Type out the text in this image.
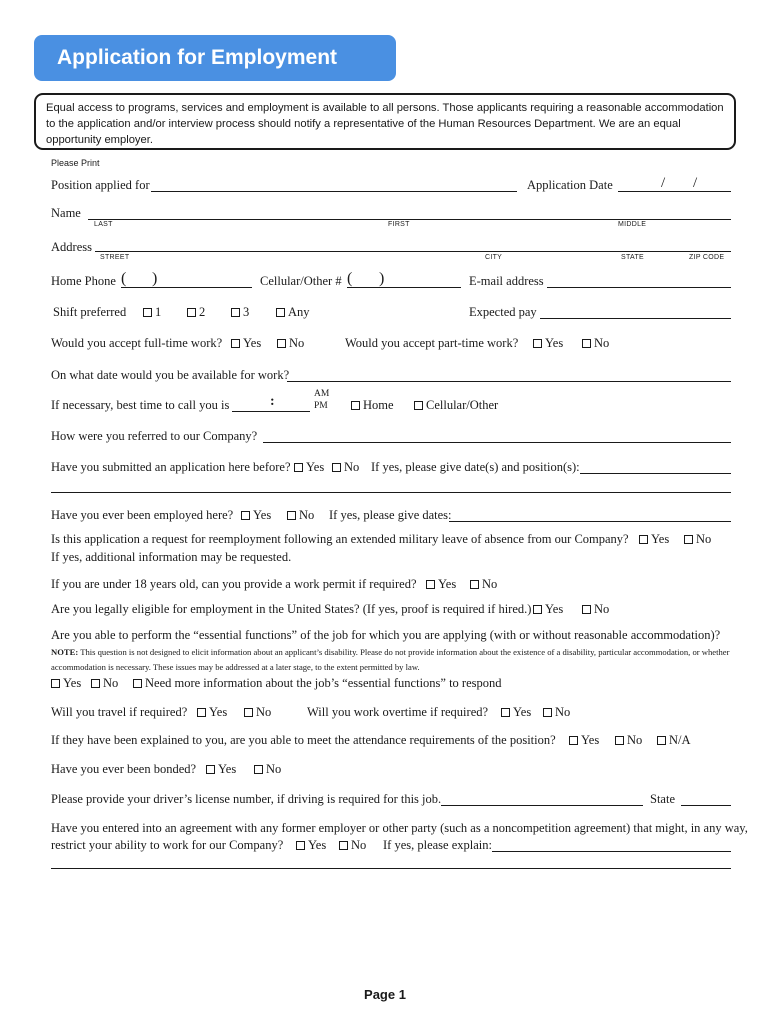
Application for Employment
Equal access to programs, services and employment is available to all persons. Those applicants requiring a reasonable accommodation to the application and/or interview process should notify a representative of the Human Resources Department. We are an equal opportunity employer.
Please Print
Position applied for	Application Date	/ /
Name
LAST	FIRST	MIDDLE
Address
STREET	CITY	STATE	ZIP CODE
Home Phone ( )	Cellular/Other # ( )	E-mail address
Shift preferred	1	2	3	Any	Expected pay
Would you accept full-time work?	Yes	No	Would you accept part-time work?	Yes	No
On what date would you be available for work?
If necessary, best time to call you is	:	AM
PM	Home	Cellular/Other
How were you referred to our Company?
Have you submitted an application here before?	Yes	No If yes, please give date(s) and position(s):
Have you ever been employed here?	Yes	No If yes, please give dates:
Is this application a request for reemployment following an extended military leave of absence from our Company?	Yes	No
If yes, additional information may be requested.
If you are under 18 years old, can you provide a work permit if required?	Yes	No
Are you legally eligible for employment in the United States? (If yes, proof is required if hired.)	Yes	No
Are you able to perform the “essential functions” of the job for which you are applying (with or without reasonable accommodation)?
NOTE: This question is not designed to elicit information about an applicant’s disability. Please do not provide information about the existence of a disability, particular accommodation, or whether accommodation is necessary. These issues may be addressed at a later stage, to the extent permitted by law.
Yes	No	Need more information about the job’s “essential functions” to respond
Will you travel if required?	Yes	No	Will you work overtime if required?	Yes	No
If they have been explained to you, are you able to meet the attendance requirements of the position?	Yes	No	N/A
Have you ever been bonded?	Yes	No
Please provide your driver’s license number, if driving is required for this job.	State
Have you entered into an agreement with any former employer or other party (such as a noncompetition agreement) that might, in any way,
restrict your ability to work for our Company?	Yes	No If yes, please explain:
Page 1
